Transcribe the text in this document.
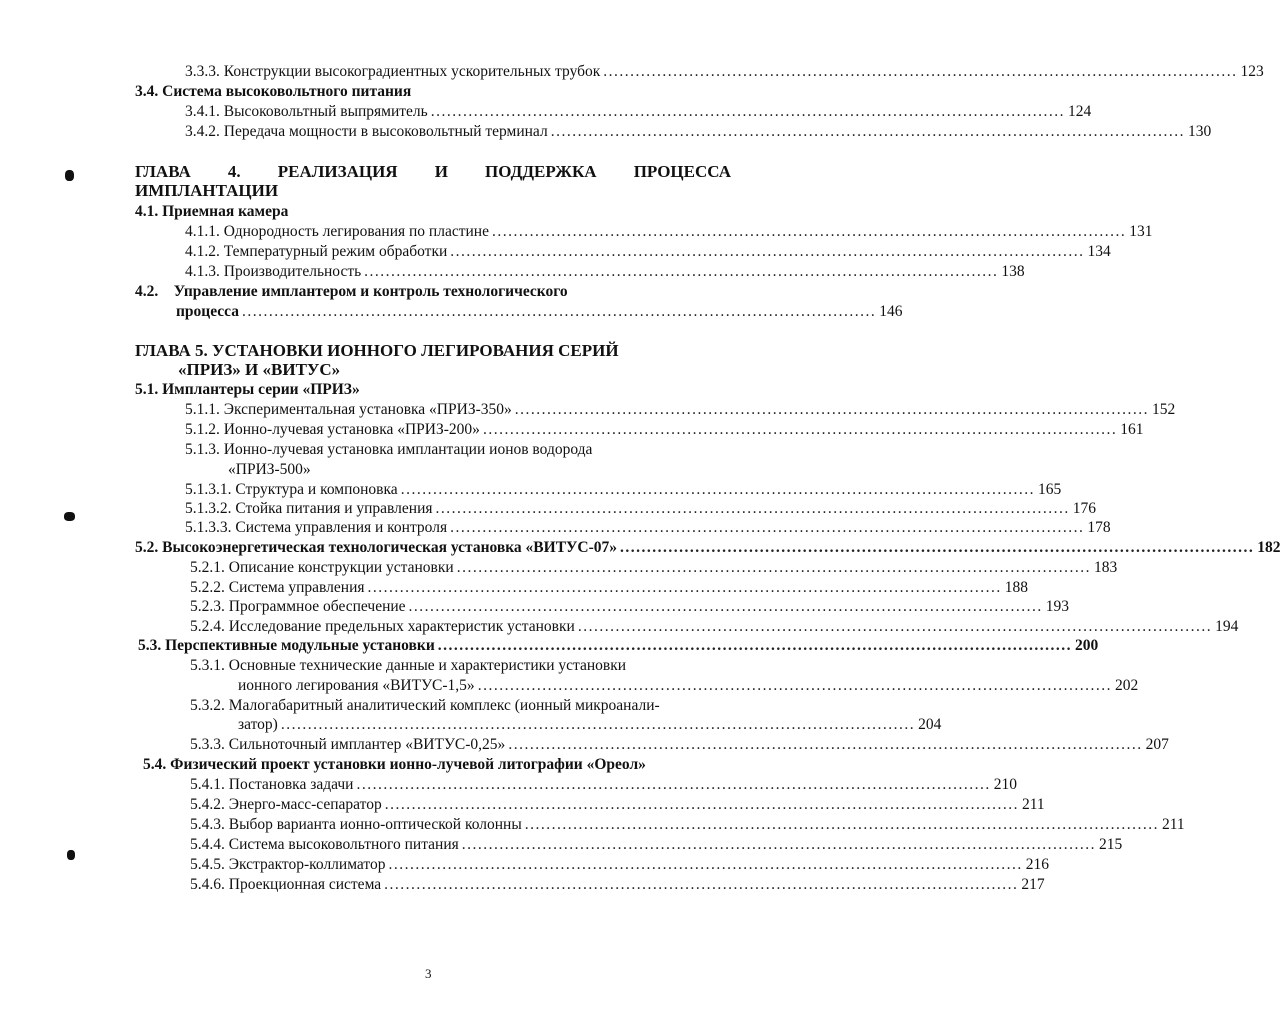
3.3.3. Конструкции высокоградиентных ускорительных трубок ...................................................................................................................... 123
3.4. Система высоковольтного питания
3.4.1. Высоковольтный выпрямитель ...................................................................................................................... 124
3.4.2. Передача мощности в высоковольтный терминал ...................................................................................................................... 130
ГЛАВА 4. РЕАЛИЗАЦИЯ И ПОДДЕРЖКА ПРОЦЕССА
ИМПЛАНТАЦИИ
4.1. Приемная камера
4.1.1. Однородность легирования по пластине ...................................................................................................................... 131
4.1.2. Температурный режим обработки ...................................................................................................................... 134
4.1.3. Производительность ...................................................................................................................... 138
4.2. Управление имплантером и контроль технологического
процесса ...................................................................................................................... 146
ГЛАВА 5. УСТАНОВКИ ИОННОГО ЛЕГИРОВАНИЯ СЕРИЙ
«ПРИЗ» И «ВИТУС»
5.1. Имплантеры серии «ПРИЗ»
5.1.1. Экспериментальная установка «ПРИЗ-350» ...................................................................................................................... 152
5.1.2. Ионно-лучевая установка «ПРИЗ-200» ...................................................................................................................... 161
5.1.3. Ионно-лучевая установка имплантации ионов водорода
«ПРИЗ-500»
5.1.3.1. Структура и компоновка ...................................................................................................................... 165
5.1.3.2. Стойка питания и управления ...................................................................................................................... 176
5.1.3.3. Система управления и контроля ...................................................................................................................... 178
5.2. Высокоэнергетическая технологическая установка «ВИТУС-07» ...................................................................................................................... 182
5.2.1. Описание конструкции установки ...................................................................................................................... 183
5.2.2. Система управления ...................................................................................................................... 188
5.2.3. Программное обеспечение ...................................................................................................................... 193
5.2.4. Исследование предельных характеристик установки ...................................................................................................................... 194
5.3. Перспективные модульные установки ...................................................................................................................... 200
5.3.1. Основные технические данные и характеристики установки
ионного легирования «ВИТУС-1,5» ...................................................................................................................... 202
5.3.2. Малогабаритный аналитический комплекс (ионный микроанали-
затор) ...................................................................................................................... 204
5.3.3. Сильноточный имплантер «ВИТУС-0,25» ...................................................................................................................... 207
5.4. Физический проект установки ионно-лучевой литографии «Ореол»
5.4.1. Постановка задачи ...................................................................................................................... 210
5.4.2. Энерго-масс-сепаратор ...................................................................................................................... 211
5.4.3. Выбор варианта ионно-оптической колонны ...................................................................................................................... 211
5.4.4. Система высоковольтного питания ...................................................................................................................... 215
5.4.5. Экстрактор-коллиматор ...................................................................................................................... 216
5.4.6. Проекционная система ...................................................................................................................... 217
3
